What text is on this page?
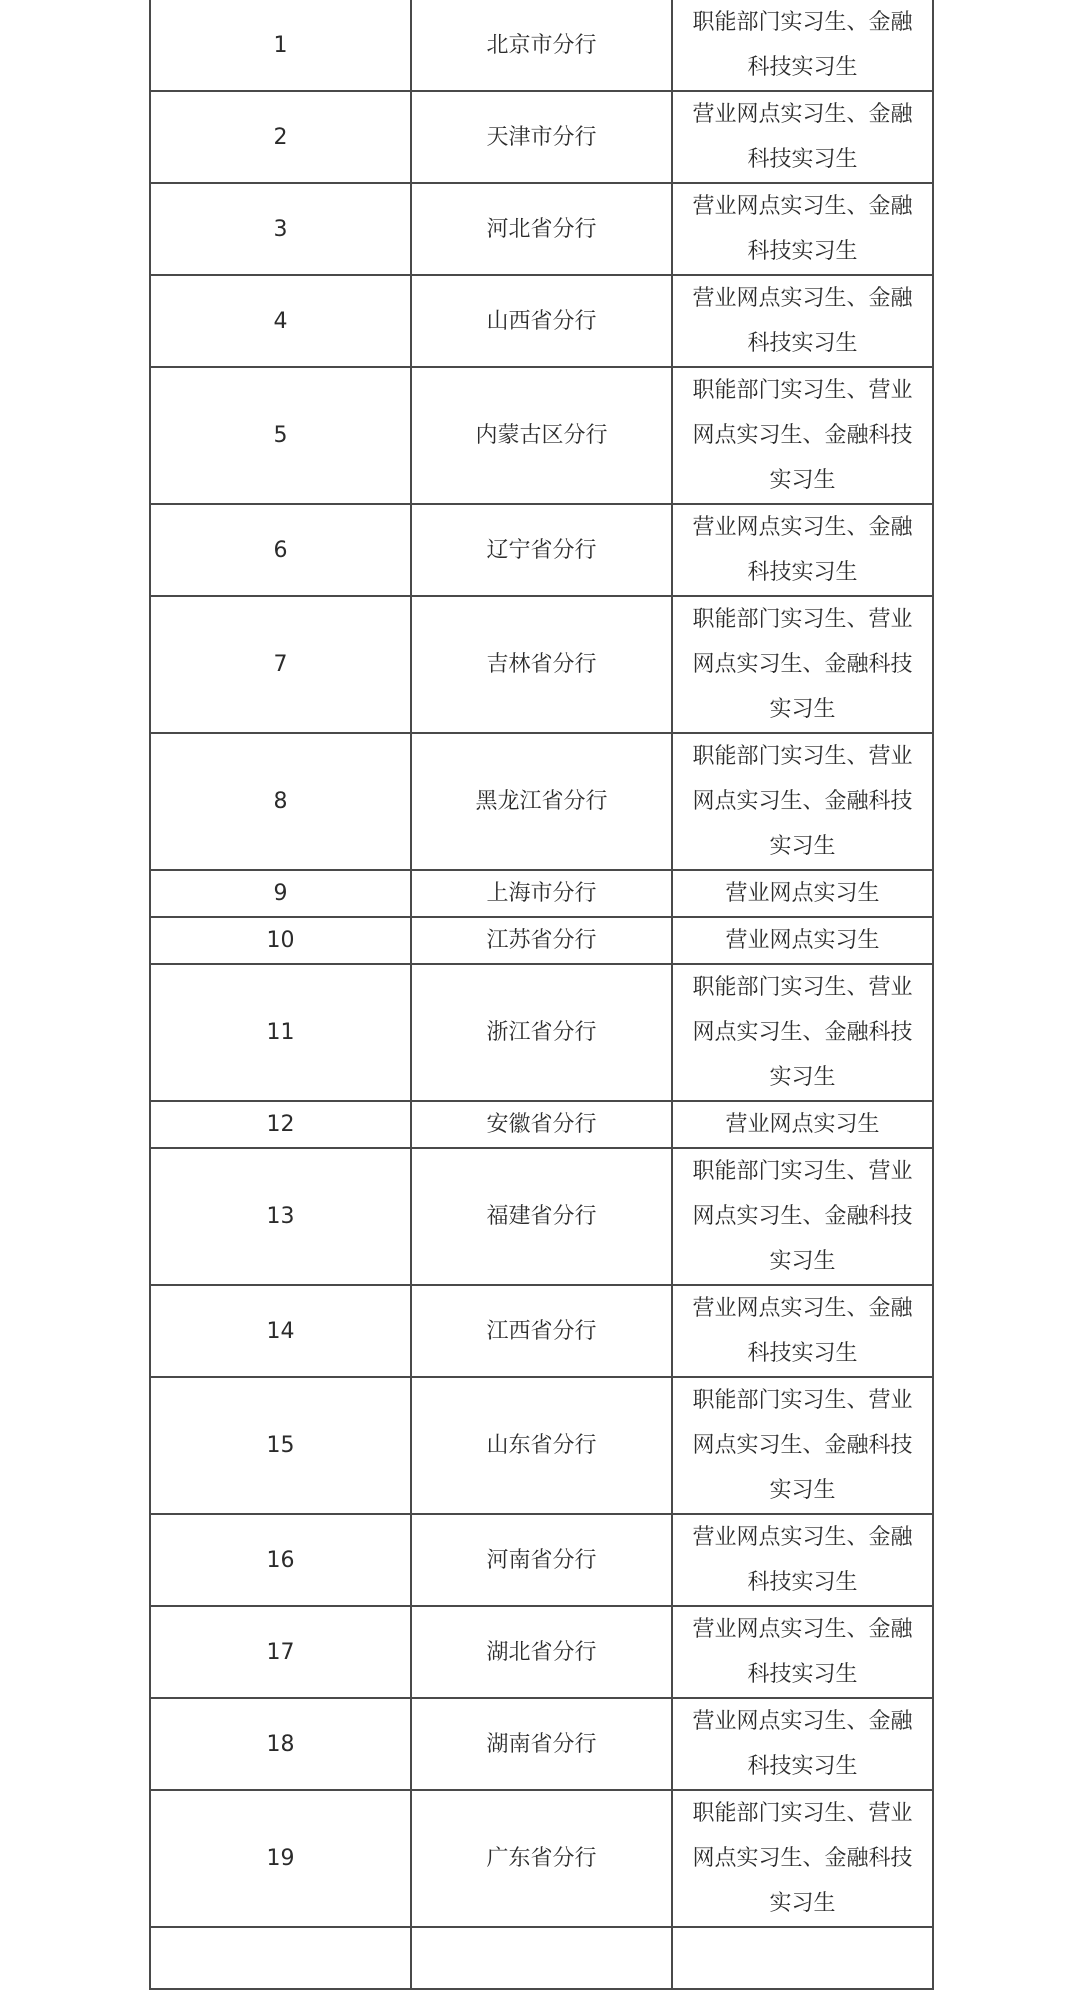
1	北京市分行	职能部门实习生、金融科技实习生
2	天津市分行	营业网点实习生、金融科技实习生
3	河北省分行	营业网点实习生、金融科技实习生
4	山西省分行	营业网点实习生、金融科技实习生
5	内蒙古区分行	职能部门实习生、营业网点实习生、金融科技实习生
6	辽宁省分行	营业网点实习生、金融科技实习生
7	吉林省分行	职能部门实习生、营业网点实习生、金融科技实习生
8	黑龙江省分行	职能部门实习生、营业网点实习生、金融科技实习生
9	上海市分行	营业网点实习生
10	江苏省分行	营业网点实习生
11	浙江省分行	职能部门实习生、营业网点实习生、金融科技实习生
12	安徽省分行	营业网点实习生
13	福建省分行	职能部门实习生、营业网点实习生、金融科技实习生
14	江西省分行	营业网点实习生、金融科技实习生
15	山东省分行	职能部门实习生、营业网点实习生、金融科技实习生
16	河南省分行	营业网点实习生、金融科技实习生
17	湖北省分行	营业网点实习生、金融科技实习生
18	湖南省分行	营业网点实习生、金融科技实习生
19	广东省分行	职能部门实习生、营业网点实习生、金融科技实习生
